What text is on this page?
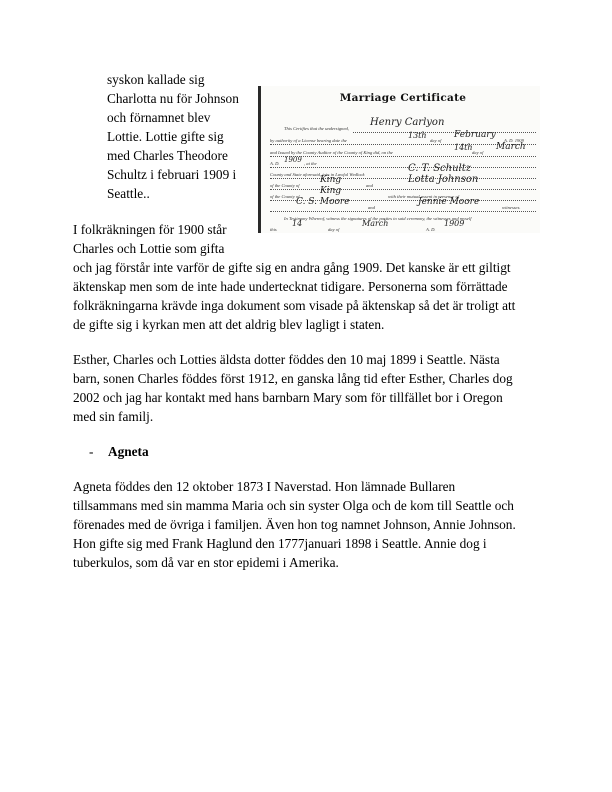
syskon kallade sig
Charlotta nu för Johnson
och förnamnet blev
Lottie. Lottie gifte sig
med Charles Theodore
Schultz i februari 1909 i
Seattle..
Marriage Certificate
This Certifies that the undersigned,
Henry Carlyon
by authority of a License bearing date the
13th
day of
February
A. D. 1909
and Issued by the County Auditor of the County of King did, on the
14th
day of
March
A. D. 1909 , at the
County and State aforesaid, join in Lawful Wedlock
C. T. Schultz
of the County of
King
and
Lotta Johnson
of the County of
King
with their mutual assent in presence of
C. S. Moore
and
Jennie Moore
witnesses.
In Testimony Whereof, witness the signatures of the parties to said ceremony, the witnesses and myself
this
14
day of
March
A. D.
1909
I folkräkningen för 1900 står
Charles och Lottie som gifta
och jag förstår inte varför de gifte sig en andra gång 1909. Det kanske är ett giltigt
äktenskap men som de inte hade undertecknat tidigare. Personerna som förrättade
folkräkningarna krävde inga dokument som visade på äktenskap så det är troligt att
de gifte sig i kyrkan men att det aldrig blev lagligt i staten.
Esther, Charles och Lotties äldsta dotter föddes den 10 maj 1899 i Seattle. Nästa
barn, sonen Charles föddes först 1912, en ganska lång tid efter Esther, Charles dog
2002 och jag har kontakt med hans barnbarn Mary som för tillfället bor i Oregon
med sin familj.
- Agneta
Agneta föddes den 12 oktober 1873 I Naverstad. Hon lämnade Bullaren
tillsammans med sin mamma Maria och sin syster Olga och de kom till Seattle och
förenades med de övriga i familjen. Även hon tog namnet Johnson, Annie Johnson.
Hon gifte sig med Frank Haglund den 1777januari 1898 i Seattle. Annie dog i
tuberkulos, som då var en stor epidemi i Amerika.
